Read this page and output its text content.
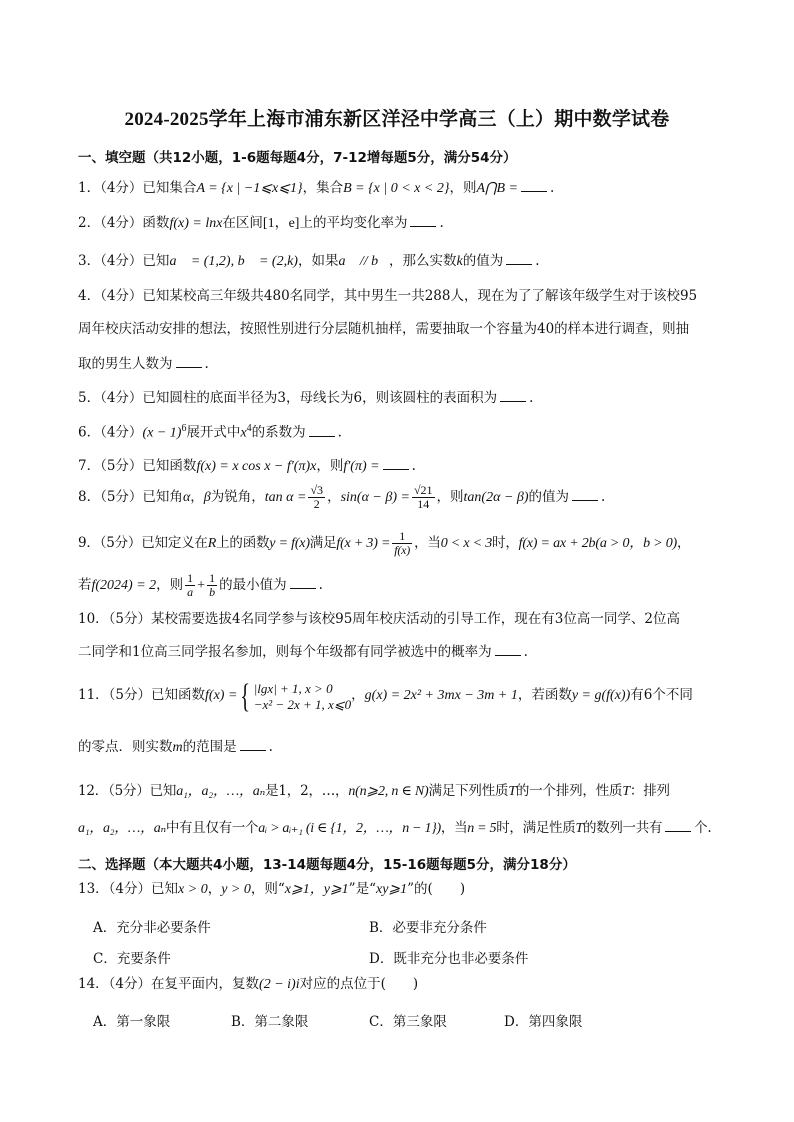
2024-2025学年上海市浦东新区洋泾中学高三（上）期中数学试卷
一、填空题（共12小题，1-6题每题4分，7-12增每题5分，满分54分）
1．（4分）已知集合A = {x | −1⩽x⩽1}，集合B = {x | 0 < x < 2}，则A⋂B = .
2．（4分）函数f(x) = lnx在区间[1，e]上的平均变化率为 .
3．（4分）已知a⃗ = (1,2), b⃗ = (2,k)，如果a⃗ // b⃗，那么实数k的值为 .
4．（4分）已知某校高三年级共480名同学，其中男生一共288人，现在为了了解该年级学生对于该校95
周年校庆活动安排的想法，按照性别进行分层随机抽样，需要抽取一个容量为40的样本进行调查，则抽
取的男生人数为 .
5．（4分）已知圆柱的底面半径为3，母线长为6，则该圆柱的表面积为 .
6．（4分）$(x - 1)^6$展开式中$x^4$的系数为 .
7．（5分）已知函数f(x) = x cos x − f′(π)x，则f′(π) = .
8．（5分）已知角α，β为锐角，$\tan \alpha = \frac{√3}{2}$ ，$\sin(\alpha - \beta) = \frac{√21}{14}$ ，则tan(2α − β)的值为 .
9．（5分）已知定义在R上的函数y = f(x)满足$f(x + 3) = \frac{1}{f(x)}$ ，当0 < x < 3时，f(x) = ax + 2b(a > 0，b > 0)，
若f(2024) = 2，则 $\frac{1}{a} + \frac{1}{b}$ 的最小值为 .
10．（5分）某校需要选拔4名同学参与该校95周年校庆活动的引导工作，现在有3位高一同学、2位高
二同学和1位高三同学报名参加，则每个年级都有同学被选中的概率为 .
11．（5分）已知函数f(x) ={ |lgx| + 1, x > 0
−x² − 2x + 1, x⩽0
，g(x) = 2x² + 3mx − 3m + 1，若函数y = g(f(x))有6个不同
的零点．则实数m的范围是 .
12．（5分）已知a₁，a₂，…，aₙ是1，2，…，n(n⩾2, n ∈ N)满足下列性质T的一个排列，性质T：排列
a₁，a₂，…，aₙ中有且仅有一个aᵢ > aᵢ₊₁ (i ∈ {1，2，…，n − 1})，当n = 5时，满足性质T的数列一共有 个.
二、选择题（本大题共4小题，13-14题每题4分，15-16题每题5分，满分18分）
13．（4分）已知x > 0，y > 0，则“x⩾1，y⩾1”是“xy⩾1”的(　　)
A．充分非必要条件	B．必要非充分条件
C．充要条件	D．既非充分也非必要条件
14．（4分）在复平面内，复数(2 − i)i对应的点位于(　　)
A．第一象限	B．第二象限	C．第三象限	D．第四象限
